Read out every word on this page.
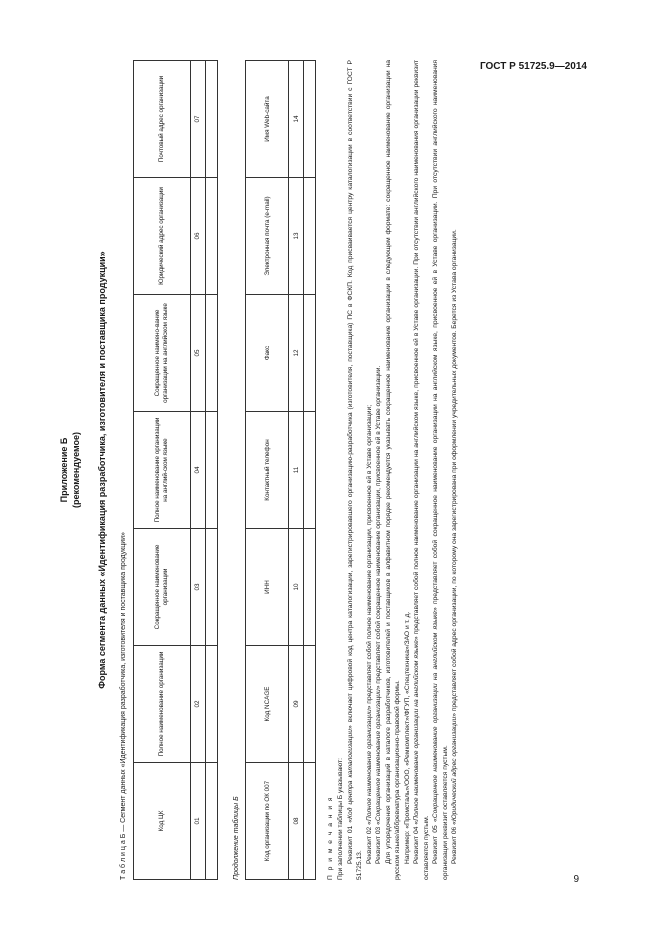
ГОСТ Р 51725.9—2014
Приложение Б (рекомендуемое) Форма сегмента данных «Идентификация разработчика, изготовителя и поставщика продукции»
Т а б л и ц а Б — Сегмент данных «Идентификация разработчика, изготовителя и поставщика продукции»	Код ЦК	Полное наименование организации	Сокращенное наименование организации	Полное наименование организации на англий-ском языке	Сокращенное наимено-вание организации на английском языке	Юридический адрес организации	Почтовый адрес организации
01	02	03	04	05	06	07

Продолжение таблицы Б	Код организации по ОК 007	Код NCAGE	ИНН	Контактный телефон	Факс	Электронная почта (e-mail)	Имя Web-сайта
08	09	10	11	12	13	14

П р и м е ч а н и я При заполнении таблицы Б указывают: Реквизит 01 «Код центра каталогизации» включает цифровой код центра каталогизации, зарегистрировавшего организацию-разработчика (изготовителя, поставщика) ПС в ФСКП. Код присваивается центру каталогизации в соответствии с ГОСТ Р 51725.13.

Реквизит 02 «Полное наименование организации» представляет собой полное наименование организации, присвоенное ей в Уставе организации;

Реквизит 03 «Сокращенное наименование организации» представляет собой сокращенное наименование организации, присвоенное ей в Уставе организации. Для упорядочения организаций в каталоге разработчиков, изготовителей и поставщиков в алфавитном порядке рекомендуется указывать сокращенное наименование организации в следующем формате: сокращенное наименование организации на русском языке/аббревиатура организационно-правовой формы. Например: «Промсталь»/ООО, «Ремкомплект»/ФГУП, «Спецтехника»/ЗАО и т. д. Реквизит 04 «Полное наименование организации на английском языке» представляет собой полное наименование организации на английском языке, присвоенное ей в Уставе организации. При отсутствии английского наименования организации реквизит оставляется пустым. Реквизит 05 «Сокращенное наименование организации на английском языке» представляет собой сокращенное наименование организации на английском языке, присвоенное ей в Уставе организации. При отсутствии английского наименования организации реквизит оставляется пустым. Реквизит 06 «Юридический адрес организации» представляет собой адрес организации, по которому она зарегистрирована при оформлении учредительных документов. Берется из Устава организации.

9
